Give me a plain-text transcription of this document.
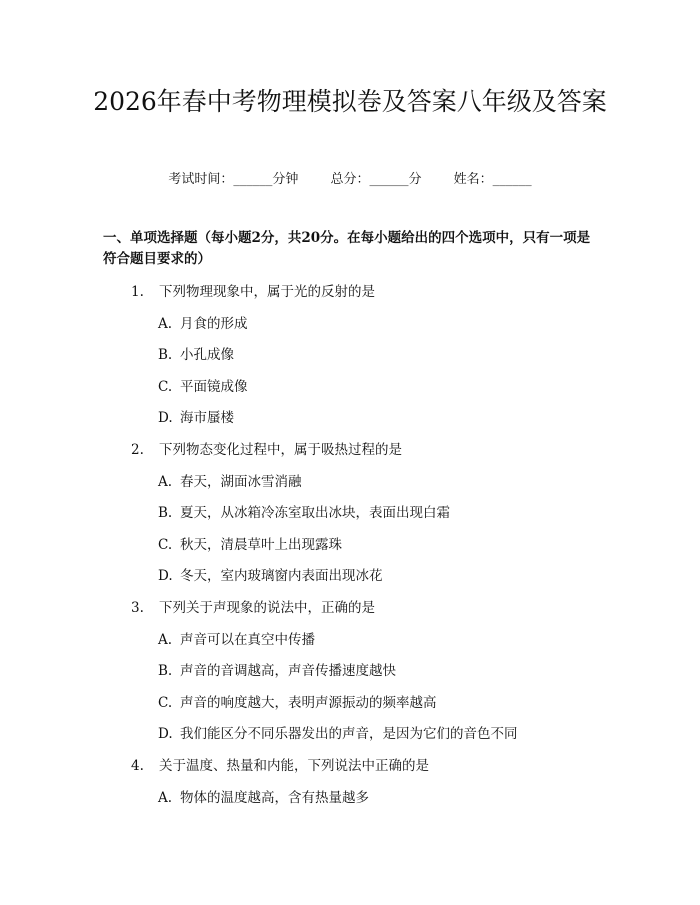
2026年春中考物理模拟卷及答案八年级及答案
考试时间：______分钟 总分：______分 姓名：______
一、单项选择题（每小题2分，共20分。在每小题给出的四个选项中，只有一项是符合题目要求的）
1. 下列物理现象中，属于光的反射的是
A. 月食的形成
B. 小孔成像
C. 平面镜成像
D. 海市蜃楼
2. 下列物态变化过程中，属于吸热过程的是
A. 春天，湖面冰雪消融
B. 夏天，从冰箱冷冻室取出冰块，表面出现白霜
C. 秋天，清晨草叶上出现露珠
D. 冬天，室内玻璃窗内表面出现冰花
3. 下列关于声现象的说法中，正确的是
A. 声音可以在真空中传播
B. 声音的音调越高，声音传播速度越快
C. 声音的响度越大，表明声源振动的频率越高
D. 我们能区分不同乐器发出的声音，是因为它们的音色不同
4. 关于温度、热量和内能，下列说法中正确的是
A. 物体的温度越高，含有热量越多
